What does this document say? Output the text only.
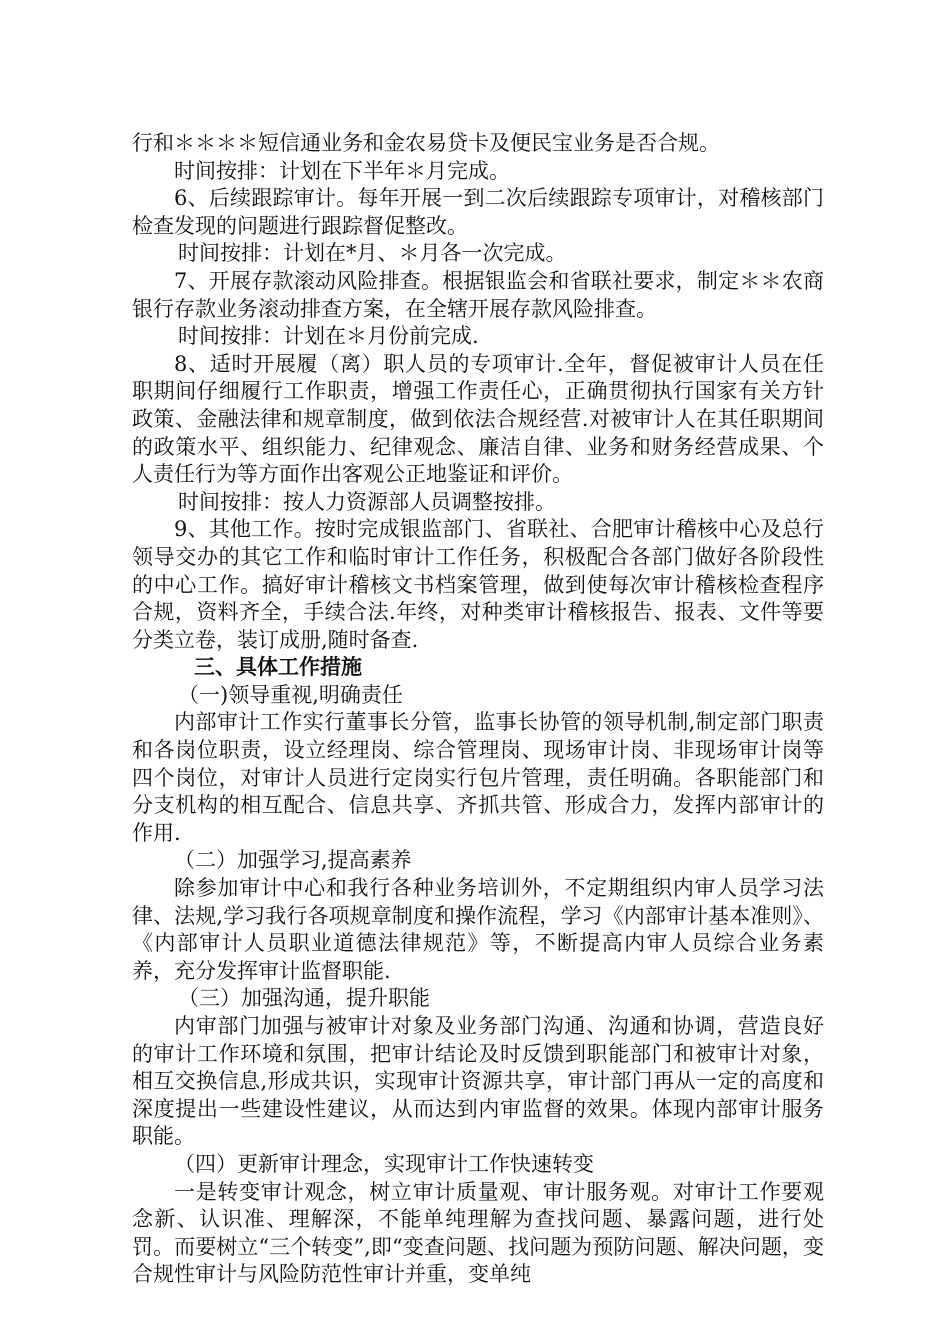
行和＊＊＊＊短信通业务和金农易贷卡及便民宝业务是否合规。

时间按排：计划在下半年＊月完成。

6、后续跟踪审计。每年开展一到二次后续跟踪专项审计，对稽核部门检查发现的问题进行跟踪督促整改。

时间按排：计划在*月、＊月各一次完成。

7、开展存款滚动风险排查。根据银监会和省联社要求，制定＊＊农商银行存款业务滚动排查方案，在全辖开展存款风险排查。

时间按排：计划在＊月份前完成.

8、适时开展履（离）职人员的专项审计.全年，督促被审计人员在任职期间仔细履行工作职责，增强工作责任心，正确贯彻执行国家有关方针政策、金融法律和规章制度，做到依法合规经营.对被审计人在其任职期间的政策水平、组织能力、纪律观念、廉洁自律、业务和财务经营成果、个人责任行为等方面作出客观公正地鉴证和评价。

时间按排：按人力资源部人员调整按排。

9、其他工作。按时完成银监部门、省联社、合肥审计稽核中心及总行领导交办的其它工作和临时审计工作任务，积极配合各部门做好各阶段性的中心工作。搞好审计稽核文书档案管理，做到使每次审计稽核检查程序合规，资料齐全，手续合法.年终，对种类审计稽核报告、报表、文件等要分类立卷，装订成册,随时备查.

三、具体工作措施

（一)领导重视,明确责任

内部审计工作实行董事长分管，监事长协管的领导机制,制定部门职责和各岗位职责，设立经理岗、综合管理岗、现场审计岗、非现场审计岗等四个岗位，对审计人员进行定岗实行包片管理，责任明确。各职能部门和分支机构的相互配合、信息共享、齐抓共管、形成合力，发挥内部审计的作用.

（二）加强学习,提高素养

除参加审计中心和我行各种业务培训外，不定期组织内审人员学习法律、法规,学习我行各项规章制度和操作流程，学习《内部审计基本准则》、《内部审计人员职业道德法律规范》等，不断提高内审人员综合业务素养，充分发挥审计监督职能.

（三）加强沟通，提升职能

内审部门加强与被审计对象及业务部门沟通、沟通和协调，营造良好的审计工作环境和氛围，把审计结论及时反馈到职能部门和被审计对象，相互交换信息,形成共识，实现审计资源共享，审计部门再从一定的高度和深度提出一些建设性建议，从而达到内审监督的效果。体现内部审计服务职能。

（四）更新审计理念，实现审计工作快速转变

一是转变审计观念，树立审计质量观、审计服务观。对审计工作要观念新、认识准、理解深，不能单纯理解为查找问题、暴露问题，进行处罚。而要树立“三个转变”,即“变查问题、找问题为预防问题、解决问题，变合规性审计与风险防范性审计并重，变单纯
